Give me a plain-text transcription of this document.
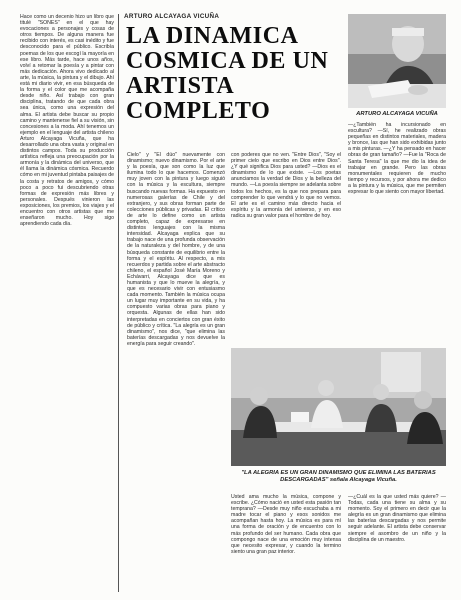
Hace como un decenio hizo un libro que titulé "SONES" en el que hay evocaciones a personajes y cosas de otros tiempos. De alguna manera fue recibido con interés, es casi inédito y fue desconocido para el público. Escribía poemas de los que escogí la mayoría en ese libro. Más tarde, hace unos años, volví a retomar la poesía y a pintar con más dedicación. Ahora vivo dedicado al arte, la música, la pintura y el dibujo. Ahí está mi diario vivir, en esa búsqueda de la forma y el color que me acompaña desde niño. Así trabajo con gran disciplina, tratando de que cada obra sea única, como una expresión del alma. El artista debe buscar su propio camino y mantenerse fiel a su visión, sin concesiones a la moda. Ahí tenemos un ejemplo en el lenguaje del artista chileno Arturo Alcayaga Vicuña, que ha desarrollado una obra vasta y original en distintos campos. Toda su producción artística refleja una preocupación por la armonía y la dinámica del universo, que él llama la dinámica cósmica. Recuerdo cómo en mi juventud pintaba paisajes de la costa y retratos de amigos, y cómo poco a poco fui descubriendo otras formas de expresión más libres y personales. Después vinieron las exposiciones, los premios, los viajes y el encuentro con otros artistas que me enseñaron mucho. Hoy sigo aprendiendo cada día.
ARTURO ALCAYAGA VICUÑA
LA DINAMICA COSMICA DE UN ARTISTA COMPLETO	ARTURO ALCAYAGA VICUÑA
Cielo" y "El dúo" nuevamente con dinamismo; nuevo dinamismo. Por el arte y la poesía, que son como la luz que ilumina todo lo que hacemos. Comenzó muy joven con la pintura y luego siguió con la música y la escultura, siempre buscando nuevas formas. Ha expuesto en numerosas galerías de Chile y del extranjero, y sus obras forman parte de colecciones públicas y privadas. El crítico de arte lo define como un artista completo, capaz de expresarse en distintos lenguajes con la misma intensidad. Alcayaga explica que su trabajo nace de una profunda observación de la naturaleza y del hombre, y de una búsqueda constante de equilibrio entre la forma y el espíritu. Al respecto, a mis recuerdos y partida sobre el arte abstracto chileno, el español José María Moreno y Echávarri, Alcayaga dice que es humanista y que lo mueve la alegría, y que es necesario vivir con entusiasmo cada momento. También la música ocupa un lugar muy importante en su vida, y ha compuesto varias obras para piano y orquesta. Algunas de ellas han sido interpretadas en conciertos con gran éxito de público y crítica. "La alegría es un gran dinamismo", nos dice, "que elimina las baterías descargadas y nos devuelve la energía para seguir creando".
con poderes que no ven. "Entre Dios", "Soy el primer cielo que escribo en Dios entre Dios". ¿Y qué significa Dios para usted? —Dios es el dinamismo de lo que existe. —Los poetas anunciamos la verdad de Dios y la belleza del mundo. —La poesía siempre se adelanta sobre todos los hechos, es la que nos prepara para comprender lo que vendrá y lo que no vemos. El arte es el camino más directo hacia el espíritu y la armonía del universo, y en eso radica su gran valor para el hombre de hoy.
—¿También ha incursionado en escultura? —Sí, he realizado obras pequeñas en distintos materiales, madera y bronce, las que han sido exhibidas junto a mis pinturas. —¿Y ha pensado en hacer obras de gran tamaño? —Fue la "Roca de Santa Teresa" la que me dio la idea de trabajar en grande. Pero las obras monumentales requieren de mucho tiempo y recursos, y por ahora me dedico a la pintura y la música, que me permiten expresar lo que siento con mayor libertad.
"LA ALEGRIA ES UN GRAN DINAMISMO QUE ELIMINA LAS BATERIAS DESCARGADAS" señala Alcayaga Vicuña.
Usted ama mucho la música, compone y escribe. ¿Cómo nació en usted esta pasión tan temprana? —Desde muy niño escuchaba a mi madre tocar el piano y esos sonidos me acompañan hasta hoy. La música es para mí una forma de oración y de encuentro con lo más profundo del ser humano. Cada obra que compongo nace de una emoción muy intensa que necesito expresar, y cuando la termino siento una gran paz interior.
—¿Cuál es la que usted más quiere? —Todas, cada una tiene su alma y su momento. Soy el primero en decir que la alegría es un gran dinamismo que elimina las baterías descargadas y nos permite seguir adelante. El artista debe conservar siempre el asombro de un niño y la disciplina de un maestro.
